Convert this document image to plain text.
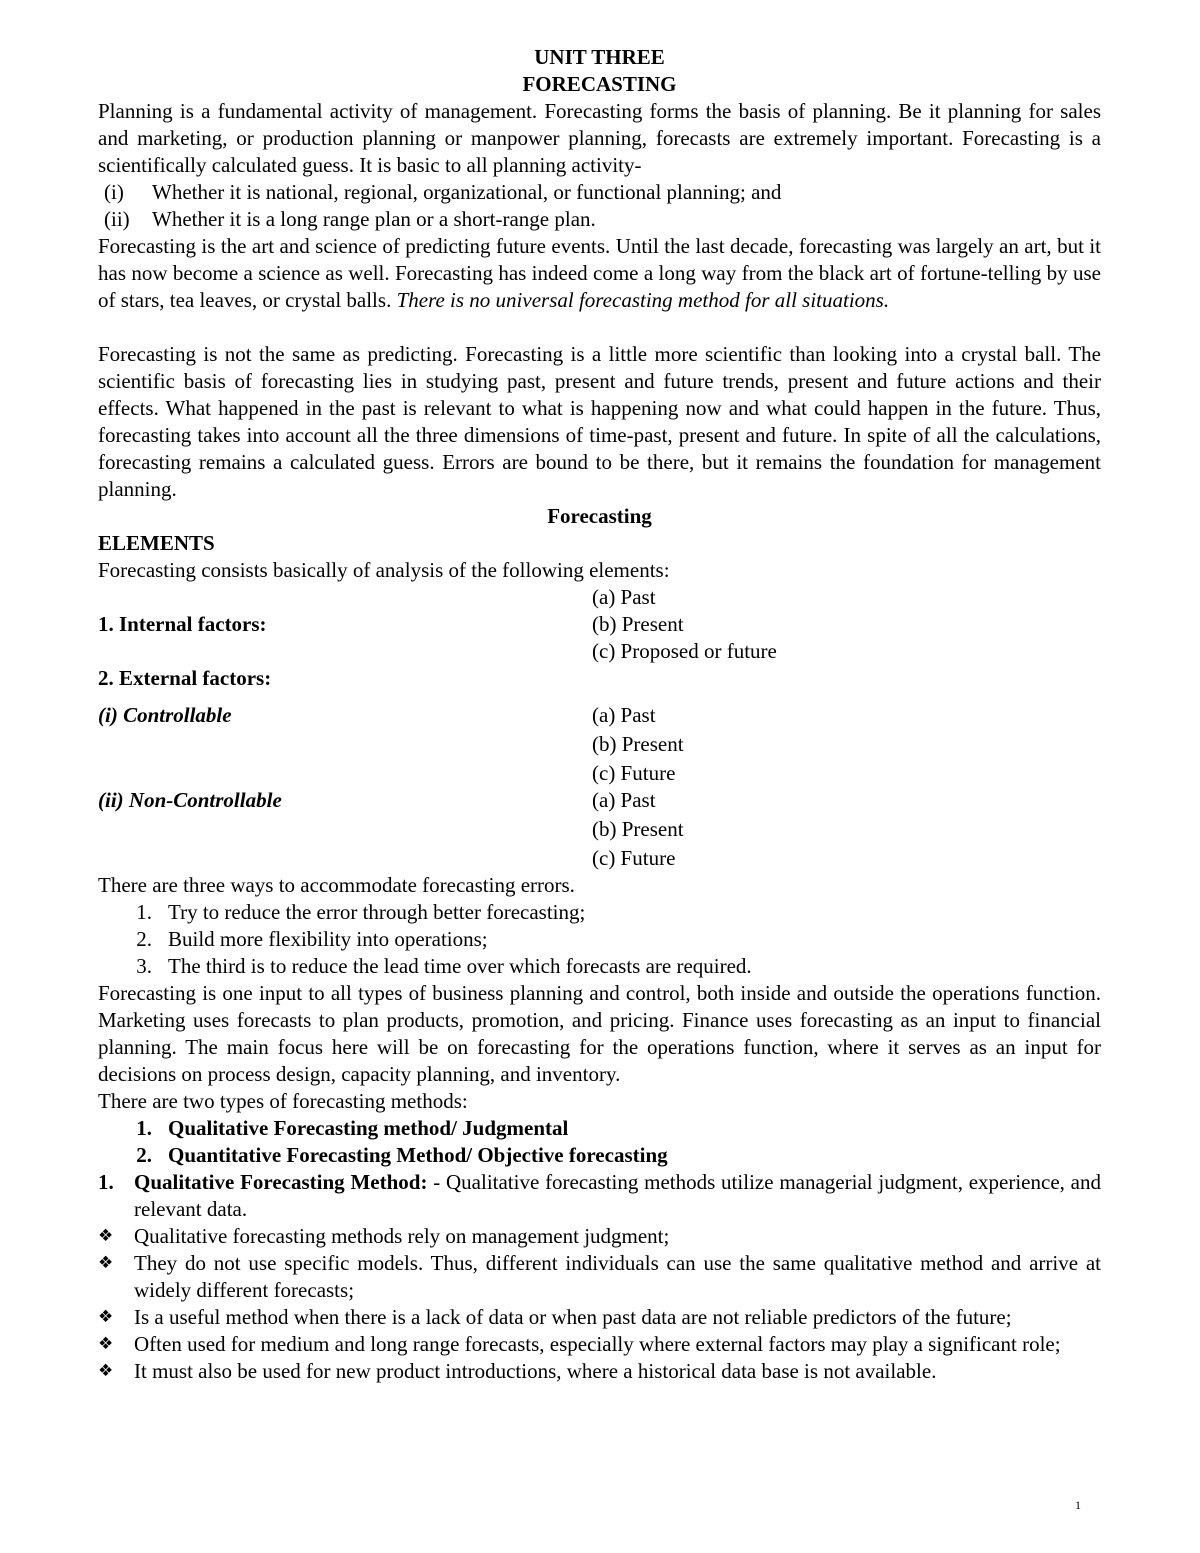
UNIT THREE

FORECASTING

Planning is a fundamental activity of management. Forecasting forms the basis of planning. Be it planning for sales and marketing, or production planning or manpower planning, forecasts are extremely important. Forecasting is a scientifically calculated guess. It is basic to all planning activity-

(i)	Whether it is national, regional, organizational, or functional planning; and
(ii)	Whether it is a long range plan or a short-range plan.

Forecasting is the art and science of predicting future events. Until the last decade, forecasting was largely an art, but it has now become a science as well. Forecasting has indeed come a long way from the black art of fortune-telling by use of stars, tea leaves, or crystal balls. There is no universal forecasting method for all situations.

Forecasting is not the same as predicting. Forecasting is a little more scientific than looking into a crystal ball. The scientific basis of forecasting lies in studying past, present and future trends, present and future actions and their effects. What happened in the past is relevant to what is happening now and what could happen in the future. Thus, forecasting takes into account all the three dimensions of time-past, present and future. In spite of all the calculations, forecasting remains a calculated guess. Errors are bound to be there, but it remains the foundation for management planning.

Forecasting

ELEMENTS

Forecasting consists basically of analysis of the following elements:

(a) Past
1. Internal factors:	(b) Present
(c) Proposed or future
2. External factors:
(i) Controllable	(a) Past
(b) Present
(c) Future
(ii) Non-Controllable	(a) Past
(b) Present
(c) Future

There are three ways to accommodate forecasting errors.

1. Try to reduce the error through better forecasting;
2. Build more flexibility into operations;
3. The third is to reduce the lead time over which forecasts are required.

Forecasting is one input to all types of business planning and control, both inside and outside the operations function. Marketing uses forecasts to plan products, promotion, and pricing. Finance uses forecasting as an input to financial planning. The main focus here will be on forecasting for the operations function, where it serves as an input for decisions on process design, capacity planning, and inventory.

There are two types of forecasting methods:

1. Qualitative Forecasting method/ Judgmental
2. Quantitative Forecasting Method/ Objective forecasting
1. Qualitative Forecasting Method: - Qualitative forecasting methods utilize managerial judgment, experience, and relevant data.
❖ Qualitative forecasting methods rely on management judgment;
❖ They do not use specific models. Thus, different individuals can use the same qualitative method and arrive at widely different forecasts;
❖ Is a useful method when there is a lack of data or when past data are not reliable predictors of the future;
❖ Often used for medium and long range forecasts, especially where external factors may play a significant role;
❖ It must also be used for new product introductions, where a historical data base is not available.
1
